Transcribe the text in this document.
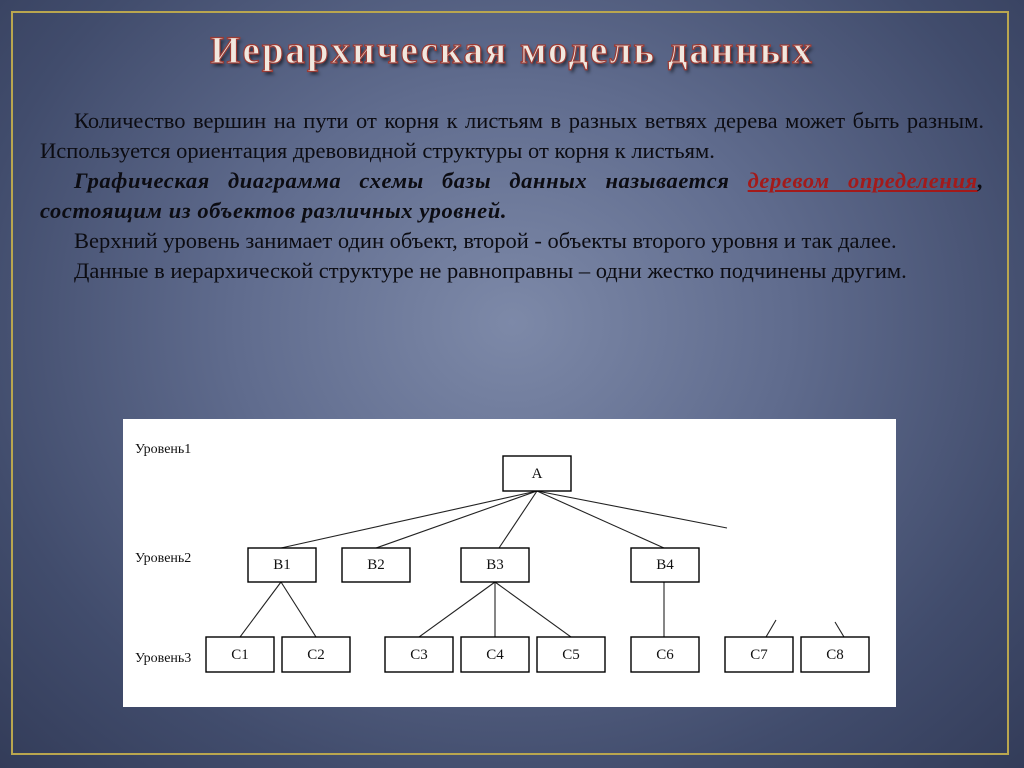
Иерархическая модель данных

Количество вершин на пути от корня к листьям в разных ветвях дерева может быть разным. Используется ориентация древовидной структуры от корня к листьям.

Графическая диаграмма схемы базы данных называется деревом определения, состоящим из объектов различных уровней.

Верхний уровень занимает один объект, второй - объекты второго уровня и так далее.

Данные в иерархической структуре не равноправны – одни жестко подчинены другим.

Уровень1
Уровень2
Уровень3
A
B1	B2	B3	B4
C1	C2	C3	C4	C5	C6	C7	C8
